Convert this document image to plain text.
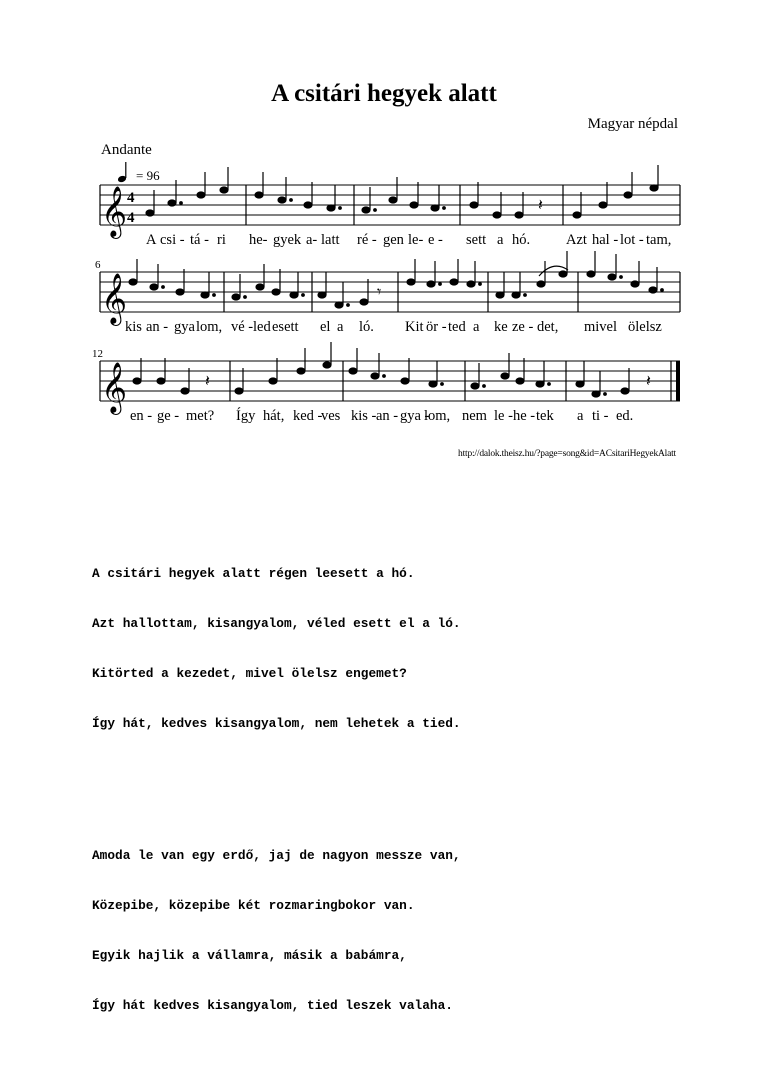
A csitári hegyek alatt
Magyar népdal
Andante
= 96
𝄞 4
4
𝄽
𝄞	𝄾
𝄞	𝄽	𝄽
6
12
A csi - tá - ri he- gyek a- latt ré - gen le- e - sett a hó. Azt hal - lot - tam,
kis an - gya lom, vé - led esett el a ló. Kit ör - ted a ke ze - det, mivel ölelsz
en - ge - met? Így hát, ked -
ves kis - an - gya -
lom, nem le - he - tek a ti - ed.
http://dalok.theisz.hu/?page=song&id=ACsitariHegyekAlatt

A csitári hegyek alatt régen leesett a hó.

Azt hallottam, kisangyalom, véled esett el a ló.

Kitörted a kezedet, mivel ölelsz engemet?

Így hát, kedves kisangyalom, nem lehetek a tied.

Amoda le van egy erdő, jaj de nagyon messze van,

Közepibe, közepibe két rozmaringbokor van.

Egyik hajlik a vállamra, másik a babámra,

Így hát kedves kisangyalom, tied leszek valaha.
